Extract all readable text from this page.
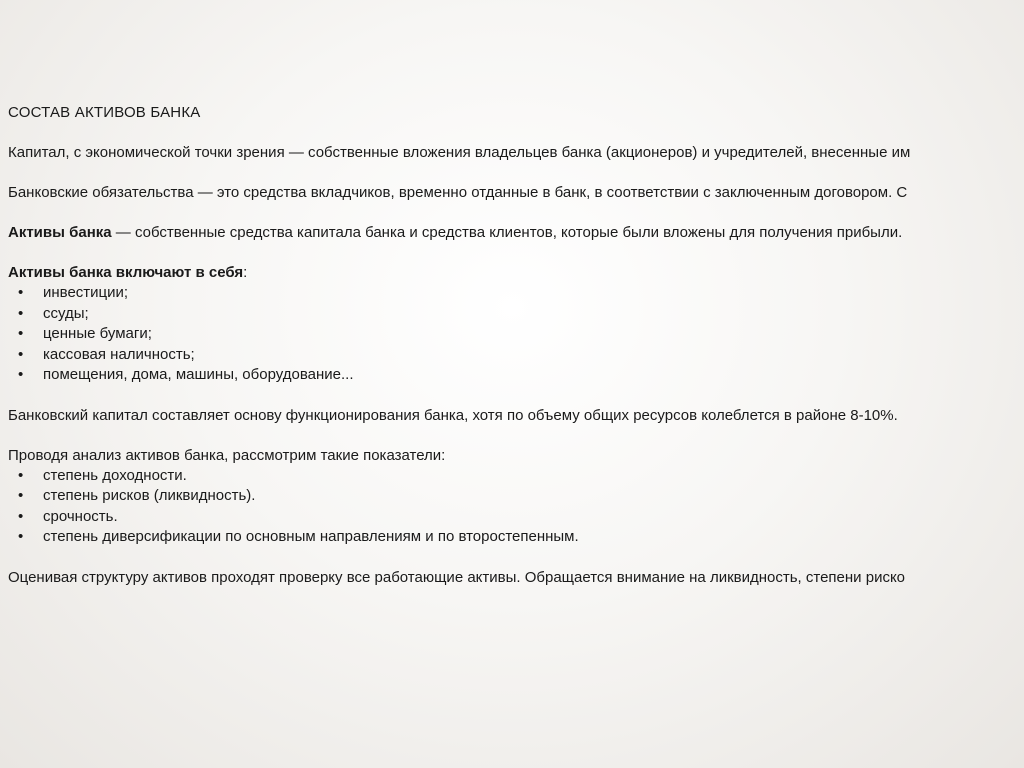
СОСТАВ АКТИВОВ БАНКА
Капитал, с экономической точки зрения — собственные вложения владельцев банка (акционеров) и учредителей, внесенные им
Банковские обязательства — это средства вкладчиков, временно отданные в банк, в соответствии с заключенным договором. С
Активы банка — собственные средства капитала банка и средства клиентов, которые были вложены для получения прибыли.
Активы банка включают в себя:
• инвестиции;
• ссуды;
• ценные бумаги;
• кассовая наличность;
• помещения, дома, машины, оборудование...
Банковский капитал составляет основу функционирования банка, хотя по объему общих ресурсов колеблется в районе 8-10%.
Проводя анализ активов банка, рассмотрим такие показатели:
• степень доходности.
• степень рисков (ликвидность).
• срочность.
• степень диверсификации по основным направлениям и по второстепенным.
Оценивая структуру активов проходят проверку все работающие активы. Обращается внимание на ликвидность, степени риско
